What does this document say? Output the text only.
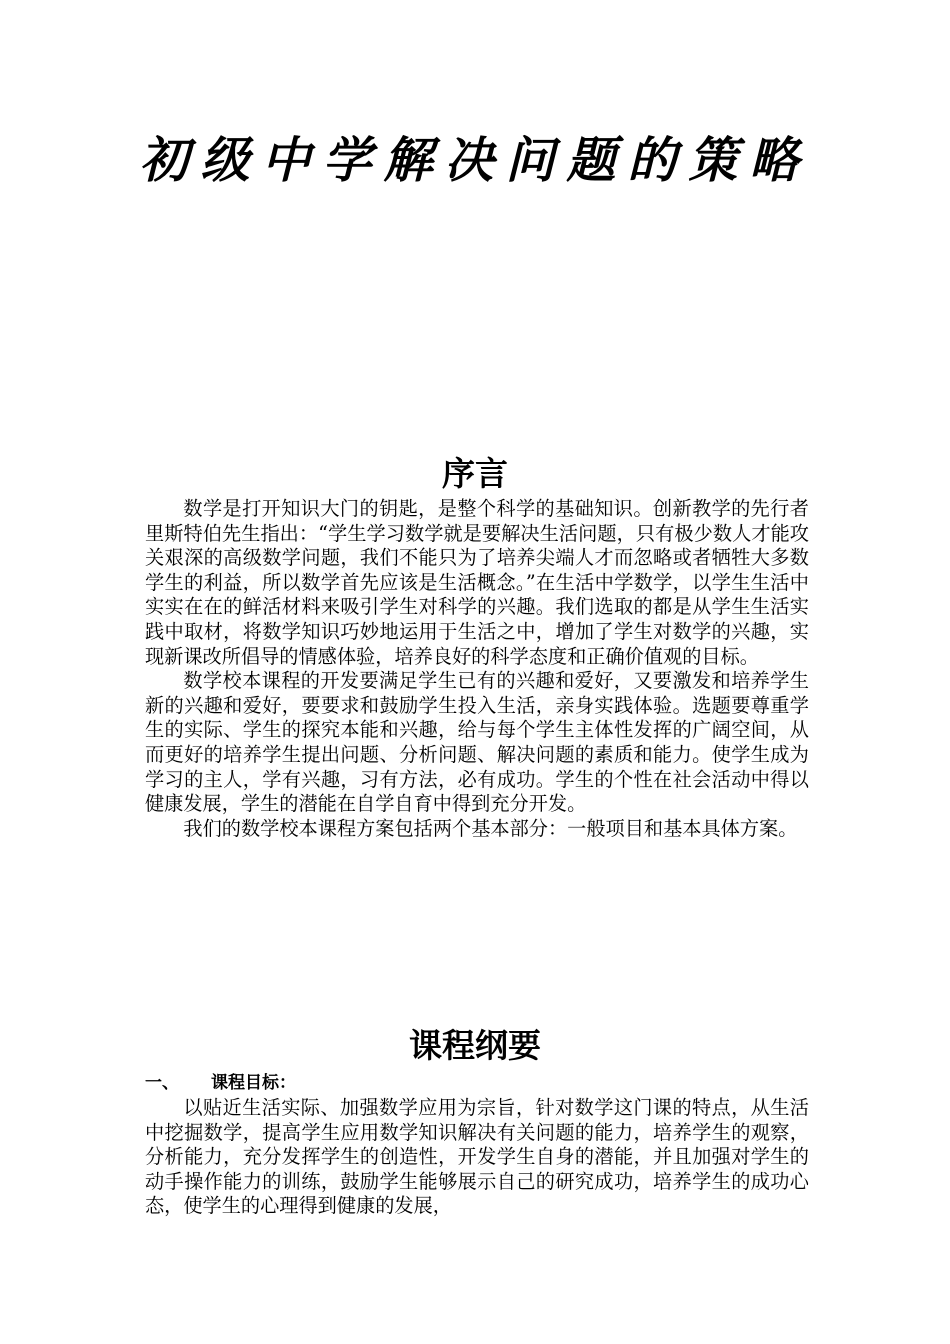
初级中学解决问题的策略
序言

数学是打开知识大门的钥匙，是整个科学的基础知识。创新教学的先行者里斯特伯先生指出：“学生学习数学就是要解决生活问题，只有极少数人才能攻关艰深的高级数学问题，我们不能只为了培养尖端人才而忽略或者牺牲大多数学生的利益，所以数学首先应该是生活概念。”在生活中学数学，以学生生活中实实在在的鲜活材料来吸引学生对科学的兴趣。我们选取的都是从学生生活实践中取材，将数学知识巧妙地运用于生活之中，增加了学生对数学的兴趣，实现新课改所倡导的情感体验，培养良好的科学态度和正确价值观的目标。

数学校本课程的开发要满足学生已有的兴趣和爱好，又要激发和培养学生新的兴趣和爱好，要要求和鼓励学生投入生活，亲身实践体验。选题要尊重学生的实际、学生的探究本能和兴趣，给与每个学生主体性发挥的广阔空间，从而更好的培养学生提出问题、分析问题、解决问题的素质和能力。使学生成为学习的主人，学有兴趣，习有方法，必有成功。学生的个性在社会活动中得以健康发展，学生的潜能在自学自育中得到充分开发。

我们的数学校本课程方案包括两个基本部分：一般项目和基本具体方案。

课程纲要
一、 课程目标：

以贴近生活实际、加强数学应用为宗旨，针对数学这门课的特点，从生活中挖掘数学，提高学生应用数学知识解决有关问题的能力，培养学生的观察，分析能力，充分发挥学生的创造性，开发学生自身的潜能，并且加强对学生的动手操作能力的训练，鼓励学生能够展示自己的研究成功，培养学生的成功心态，使学生的心理得到健康的发展，
